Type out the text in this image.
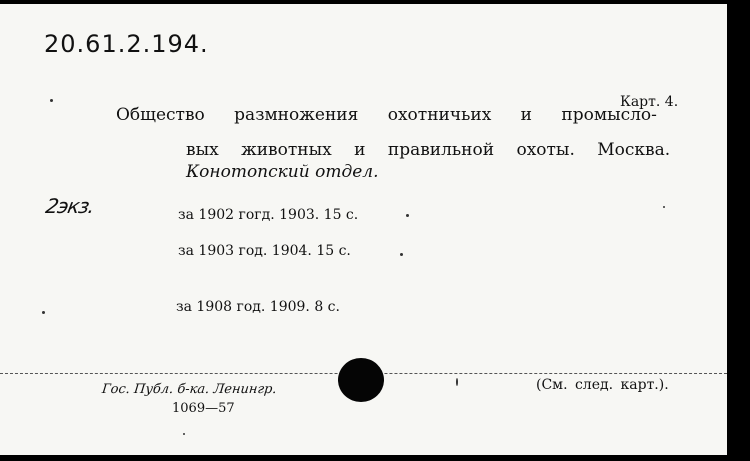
20.61.2.194.
Карт. 4.
Общество размножения охотничьих и промысло-
вых животных и правильной охоты. Москва.
Конотопский отдел.
2экз.	за 1902 гогд. 1903. 15 с.
за 1903 год. 1904. 15 с.
за 1908 год. 1909. 8 с.
Гос. Публ. б-ка. Ленингр.
1069—57
(См. след. карт.).
